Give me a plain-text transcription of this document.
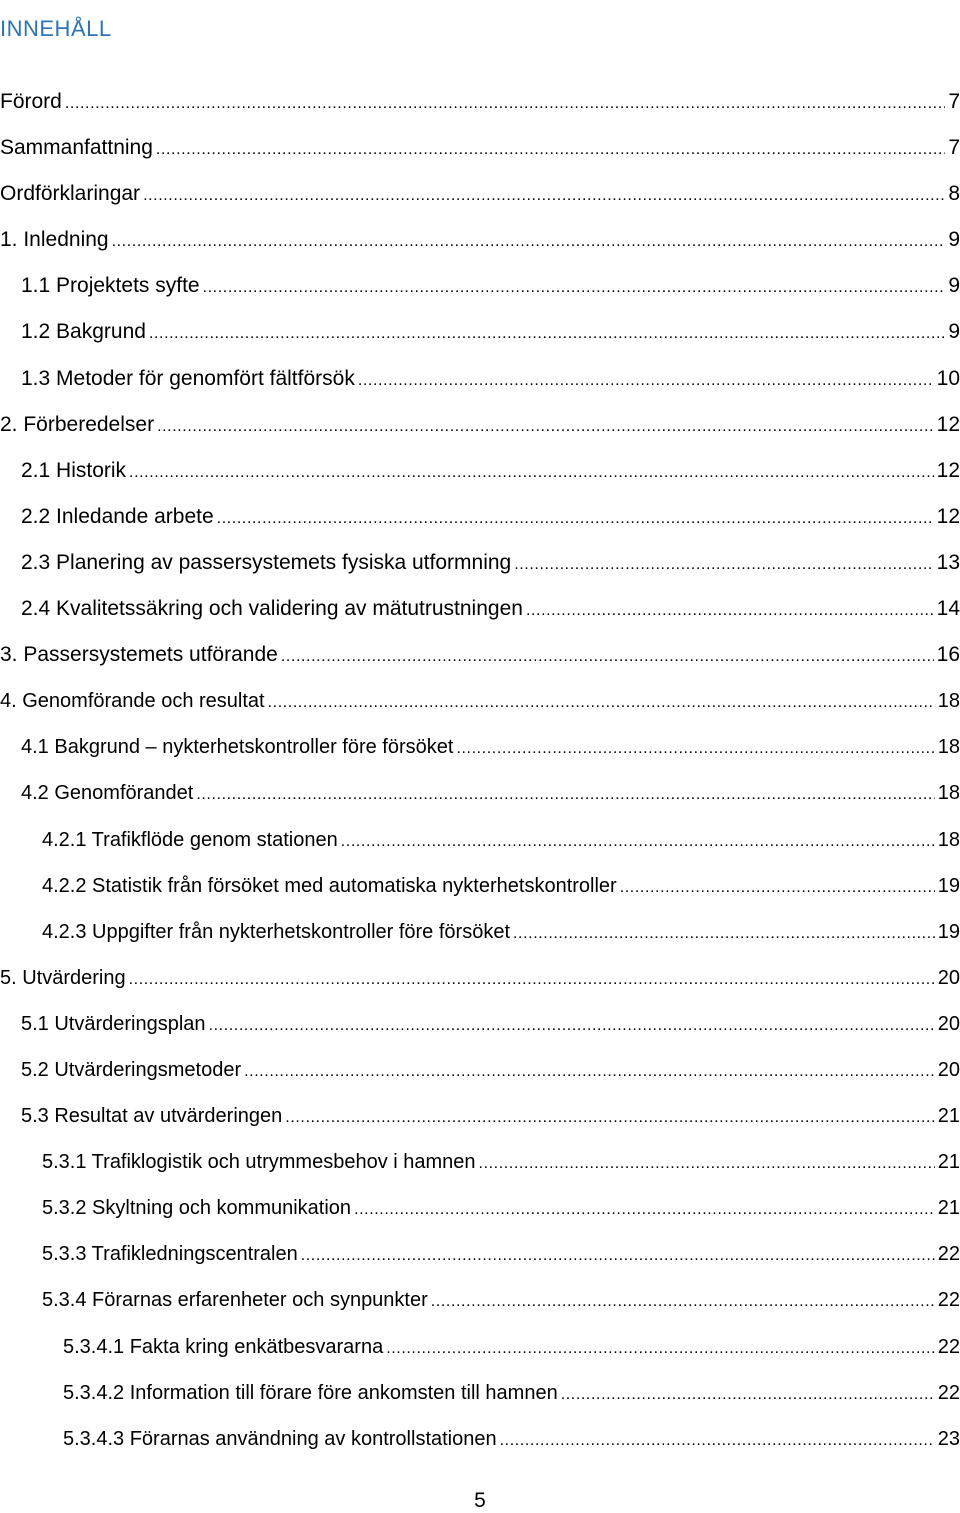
INNEHÅLL
Förord .....	7
Sammanfattning .....	7
Ordförklaringar .....	8
1. Inledning .....	9
1.1 Projektets syfte .....	9
1.2 Bakgrund .....	9
1.3 Metoder för genomfört fältförsök .....	10
2. Förberedelser .....	12
2.1 Historik .....	12
2.2 Inledande arbete .....	12
2.3 Planering av passersystemets fysiska utformning .....	13
2.4 Kvalitetssäkring och validering av mätutrustningen .....	14
3. Passersystemets utförande .....	16
4. Genomförande och resultat .....	18
4.1 Bakgrund – nykterhetskontroller före försöket .....	18
4.2 Genomförandet .....	18
4.2.1 Trafikflöde genom stationen .....	18
4.2.2 Statistik från försöket med automatiska nykterhetskontroller .....	19
4.2.3 Uppgifter från nykterhetskontroller före försöket .....	19
5. Utvärdering .....	20
5.1 Utvärderingsplan .....	20
5.2 Utvärderingsmetoder .....	20
5.3 Resultat av utvärderingen .....	21
5.3.1 Trafiklogistik och utrymmesbehov i hamnen .....	21
5.3.2 Skyltning och kommunikation .....	21
5.3.3 Trafikledningscentralen .....	22
5.3.4 Förarnas erfarenheter och synpunkter .....	22
5.3.4.1 Fakta kring enkätbesvararna .....	22
5.3.4.2 Information till förare före ankomsten till hamnen .....	22
5.3.4.3 Förarnas användning av kontrollstationen .....	23
5
